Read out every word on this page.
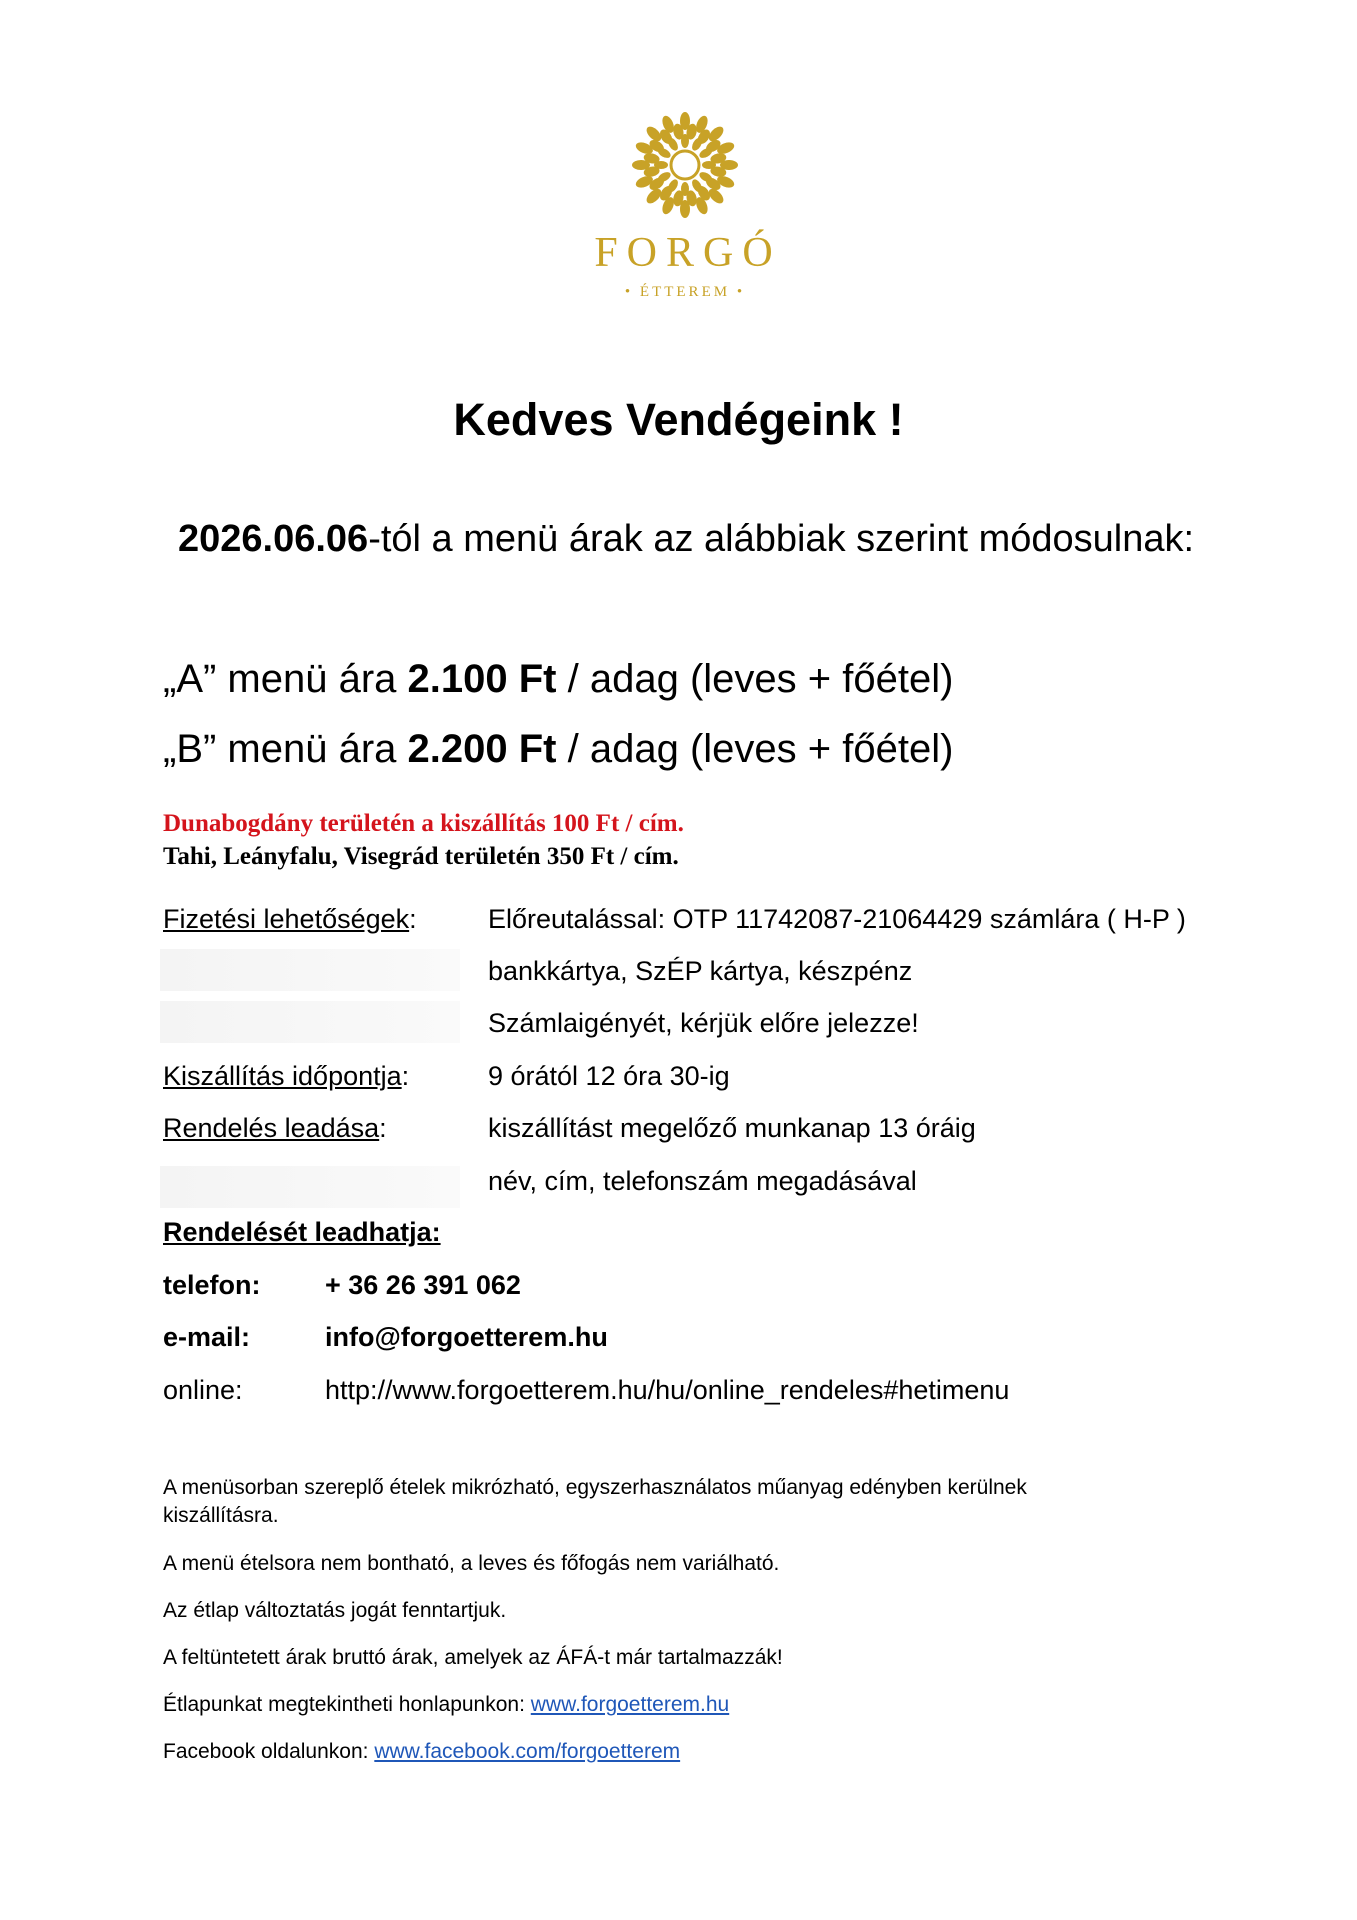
FORGÓ
• ÉTTEREM •
Kedves Vendégeink !
2026.06.06-tól a menü árak az alábbiak szerint módosulnak:
„A” menü ára 2.100 Ft / adag (leves + főétel)
„B” menü ára 2.200 Ft / adag (leves + főétel)
Dunabogdány területén a kiszállítás 100 Ft / cím.
Tahi, Leányfalu, Visegrád területén 350 Ft / cím.
Fizetési lehetőségek:	Előreutalással: OTP 11742087-21064429 számlára ( H-P )
bankkártya, SzÉP kártya, készpénz
Számlaigényét, kérjük előre jelezze!
Kiszállítás időpontja:	9 órától 12 óra 30-ig
Rendelés leadása:	kiszállítást megelőző munkanap 13 óráig
név, cím, telefonszám megadásával
Rendelését leadhatja:
telefon: + 36 26 391 062
e-mail:	info@forgoetterem.hu
online:	http://www.forgoetterem.hu/hu/online_rendeles#hetimenu
A menüsorban szereplő ételek mikrózható, egyszerhasználatos műanyag edényben kerülnek kiszállításra.
A menü ételsora nem bontható, a leves és főfogás nem variálható.
Az étlap változtatás jogát fenntartjuk.
A feltüntetett árak bruttó árak, amelyek az ÁFÁ-t már tartalmazzák!
Étlapunkat megtekintheti honlapunkon: www.forgoetterem.hu
Facebook oldalunkon: www.facebook.com/forgoetterem
